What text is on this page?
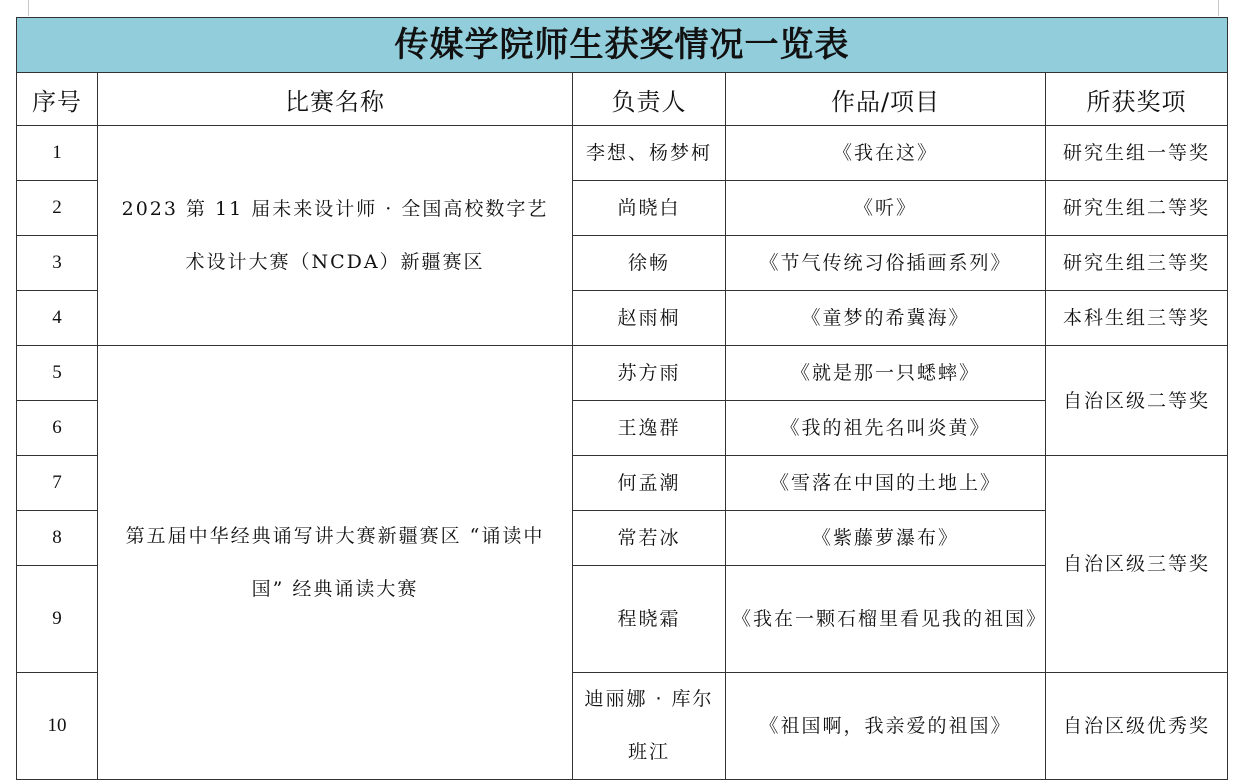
传媒学院师生获奖情况一览表				
序号	比赛名称	负责人	作品/项目	所获奖项
1	2023 第 11 届未来设计师 · 全国高校数字艺术设计大赛（NCDA）新疆赛区	李想、杨梦柯	《我在这》	研究生组一等奖
2		尚晓白	《听》	研究生组二等奖
3		徐畅	《节气传统习俗插画系列》	研究生组三等奖
4		赵雨桐	《童梦的希冀海》	本科生组三等奖
5	第五届中华经典诵写讲大赛新疆赛区 “诵读中国” 经典诵读大赛	苏方雨	《就是那一只蟋蟀》	自治区级二等奖
6		王逸群	《我的祖先名叫炎黄》	
7		何孟潮	《雪落在中国的土地上》	自治区级三等奖
8		常若冰	《紫藤萝瀑布》	
9		程晓霜	《我在一颗石榴里看见我的祖国》	
10		迪丽娜 · 库尔班江	《祖国啊，我亲爱的祖国》	自治区级优秀奖
